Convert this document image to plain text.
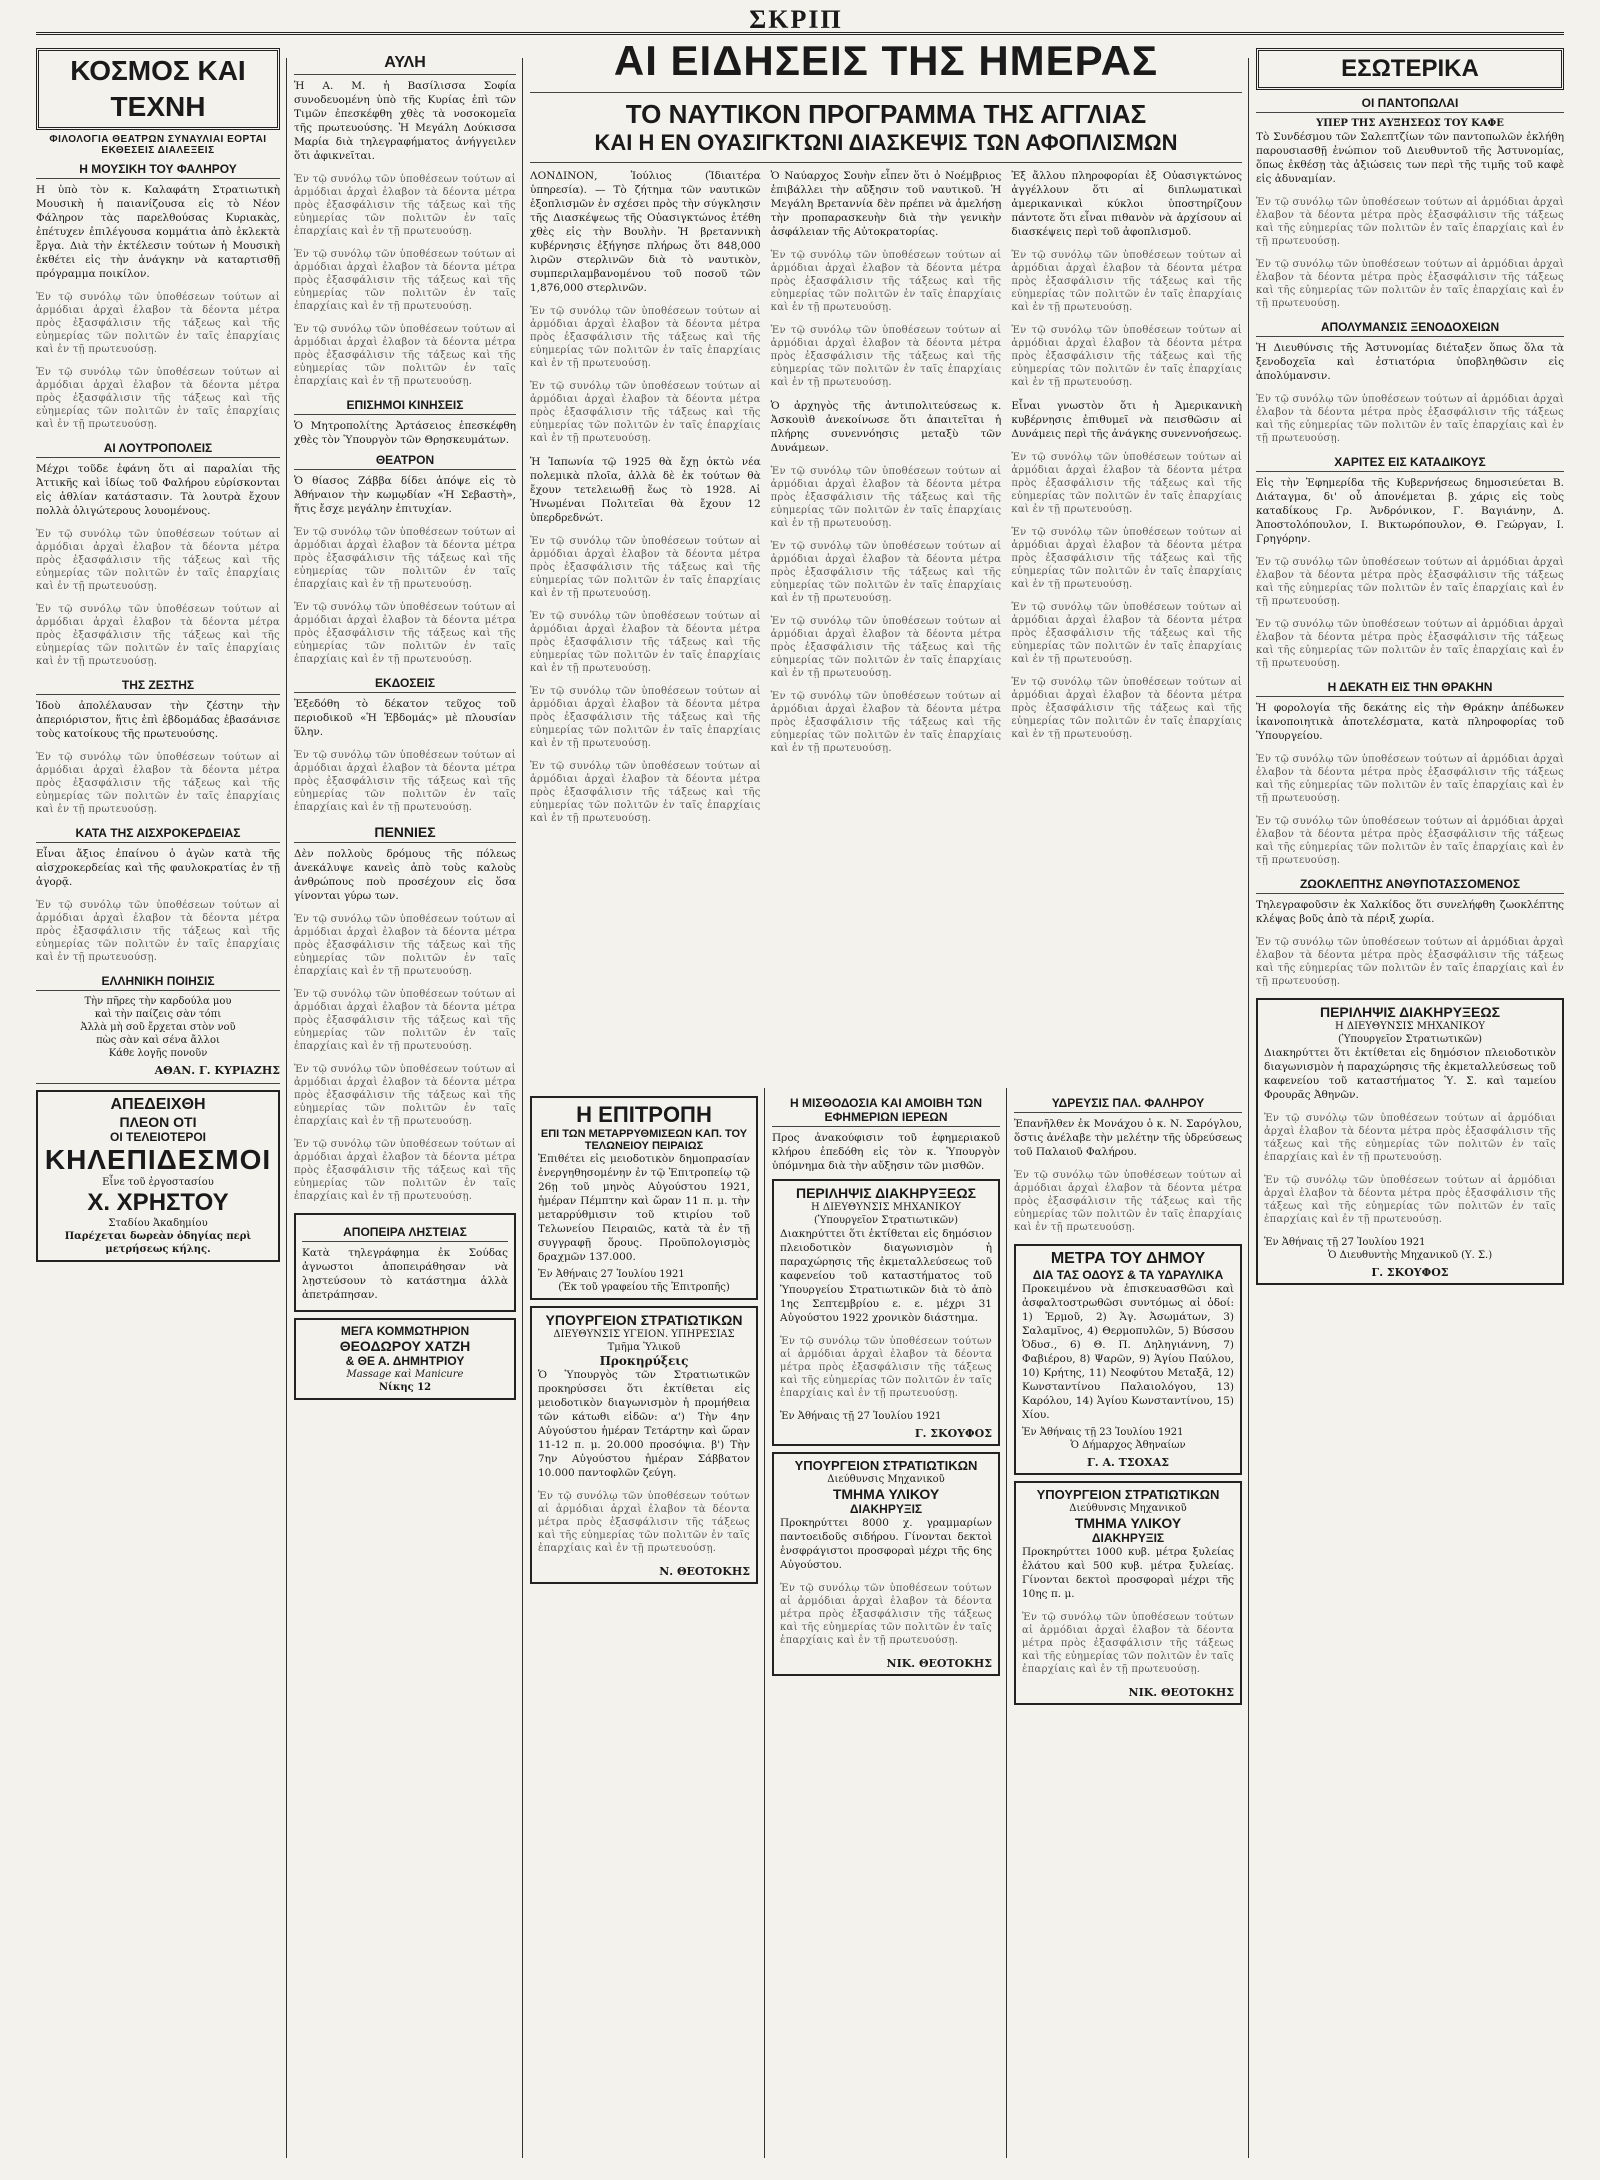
ΣΚΡΙΠ
ΚΟΣΜΟΣ ΚΑΙ ΤΕΧΝΗ
ΦΙΛΟΛΟΓΙΑ ΘΕΑΤΡΩΝ ΣΥΝΑΥΛΙΑΙ ΕΟΡΤΑΙ ΕΚΘΕΣΕΙΣ ΔΙΑΛΕΞΕΙΣ
Η ΜΟΥΣΙΚΗ ΤΟΥ ΦΑΛΗΡΟΥ

Η ὑπὸ τὸν κ. Καλαφάτη Στρατιωτικὴ Μουσικὴ ἡ παιανίζουσα εἰς τὸ Νέον Φάληρον τὰς παρελθούσας Κυριακὰς, ἐπέτυχεν ἐπιλέγουσα κομμάτια ἀπὸ ἐκλεκτὰ ἔργα. Διὰ τὴν ἐκτέλεσιν τούτων ἡ Μουσικὴ ἐκθέτει εἰς τὴν ἀνάγκην νὰ καταρτισθῇ πρόγραμμα ποικίλον.

Ἐν τῷ συνόλῳ τῶν ὑποθέσεων τούτων αἱ ἀρμόδιαι ἀρχαὶ ἐλαβον τὰ δέοντα μέτρα πρὸς ἐξασφάλισιν τῆς τάξεως καὶ τῆς εὐημερίας τῶν πολιτῶν ἐν ταῖς ἐπαρχίαις καὶ ἐν τῇ πρωτευούσῃ.

Ἐν τῷ συνόλῳ τῶν ὑποθέσεων τούτων αἱ ἀρμόδιαι ἀρχαὶ ἐλαβον τὰ δέοντα μέτρα πρὸς ἐξασφάλισιν τῆς τάξεως καὶ τῆς εὐημερίας τῶν πολιτῶν ἐν ταῖς ἐπαρχίαις καὶ ἐν τῇ πρωτευούσῃ.

ΑΙ ΛΟΥΤΡΟΠΟΛΕΙΣ

Μέχρι τοῦδε ἐφάνη ὅτι αἱ παραλίαι τῆς Ἀττικῆς καὶ ἰδίως τοῦ Φαλήρου εὐρίσκονται εἰς ἀθλίαν κατάστασιν. Τὰ λουτρὰ ἔχουν πολλὰ ὀλιγώτερους λουομένους.

Ἐν τῷ συνόλῳ τῶν ὑποθέσεων τούτων αἱ ἀρμόδιαι ἀρχαὶ ἐλαβον τὰ δέοντα μέτρα πρὸς ἐξασφάλισιν τῆς τάξεως καὶ τῆς εὐημερίας τῶν πολιτῶν ἐν ταῖς ἐπαρχίαις καὶ ἐν τῇ πρωτευούσῃ.

Ἐν τῷ συνόλῳ τῶν ὑποθέσεων τούτων αἱ ἀρμόδιαι ἀρχαὶ ἐλαβον τὰ δέοντα μέτρα πρὸς ἐξασφάλισιν τῆς τάξεως καὶ τῆς εὐημερίας τῶν πολιτῶν ἐν ταῖς ἐπαρχίαις καὶ ἐν τῇ πρωτευούσῃ.

ΤΗΣ ΖΕΣΤΗΣ

Ἰδοὺ ἀπολέλαυσαν τὴν ζέστην τὴν ἀπεριόριστον, ἥτις ἐπὶ ἑβδομάδας ἐβασάνισε τοὺς κατοίκους τῆς πρωτευούσης.

Ἐν τῷ συνόλῳ τῶν ὑποθέσεων τούτων αἱ ἀρμόδιαι ἀρχαὶ ἐλαβον τὰ δέοντα μέτρα πρὸς ἐξασφάλισιν τῆς τάξεως καὶ τῆς εὐημερίας τῶν πολιτῶν ἐν ταῖς ἐπαρχίαις καὶ ἐν τῇ πρωτευούσῃ.

ΚΑΤΑ ΤΗΣ ΑΙΣΧΡΟΚΕΡΔΕΙΑΣ

Εἶναι ἄξιος ἐπαίνου ὁ ἀγὼν κατὰ τῆς αἰσχροκερδείας καὶ τῆς φαυλοκρατίας ἐν τῇ ἀγορᾷ.

Ἐν τῷ συνόλῳ τῶν ὑποθέσεων τούτων αἱ ἀρμόδιαι ἀρχαὶ ἐλαβον τὰ δέοντα μέτρα πρὸς ἐξασφάλισιν τῆς τάξεως καὶ τῆς εὐημερίας τῶν πολιτῶν ἐν ταῖς ἐπαρχίαις καὶ ἐν τῇ πρωτευούσῃ.

ΕΛΛΗΝΙΚΗ ΠΟΙΗΣΙΣ
Τὴν πῆρες τὴν καρδούλα μου
καὶ τὴν παίζεις σὰν τόπι
Ἀλλὰ μὴ σοῦ ἔρχεται στὸν νοῦ
πὼς σὰν καὶ σένα ἄλλοι
Κάθε λογῆς πονοῦν
ΑΘΑΝ. Γ. ΚΥΡΙΑΖΗΣ
ΑΠΕΔΕΙΧΘΗ
ΠΛΕΟΝ ΟΤΙ
ΟΙ ΤΕΛΕΙΟΤΕΡΟΙ
ΚΗΛΕΠΙΔΕΣΜΟΙ
Εἶνε τοῦ ἐργοστασίου
Χ. ΧΡΗΣΤΟΥ
Σταδίου Ἀκαδημίου
Παρέχεται δωρεὰν ὁδηγίας περὶ μετρήσεως κήλης.
ΑΥΛΗ

Ἡ Α. Μ. ἡ Βασίλισσα Σοφία συνοδευομένη ὑπὸ τῆς Κυρίας ἐπὶ τῶν Τιμῶν ἐπεσκέφθη χθὲς τὰ νοσοκομεῖα τῆς πρωτευούσης. Ἡ Μεγάλη Δούκισσα Μαρία διὰ τηλεγραφήματος ἀνήγγειλεν ὅτι ἀφικνεῖται.

Ἐν τῷ συνόλῳ τῶν ὑποθέσεων τούτων αἱ ἀρμόδιαι ἀρχαὶ ἐλαβον τὰ δέοντα μέτρα πρὸς ἐξασφάλισιν τῆς τάξεως καὶ τῆς εὐημερίας τῶν πολιτῶν ἐν ταῖς ἐπαρχίαις καὶ ἐν τῇ πρωτευούσῃ.

Ἐν τῷ συνόλῳ τῶν ὑποθέσεων τούτων αἱ ἀρμόδιαι ἀρχαὶ ἐλαβον τὰ δέοντα μέτρα πρὸς ἐξασφάλισιν τῆς τάξεως καὶ τῆς εὐημερίας τῶν πολιτῶν ἐν ταῖς ἐπαρχίαις καὶ ἐν τῇ πρωτευούσῃ.

Ἐν τῷ συνόλῳ τῶν ὑποθέσεων τούτων αἱ ἀρμόδιαι ἀρχαὶ ἐλαβον τὰ δέοντα μέτρα πρὸς ἐξασφάλισιν τῆς τάξεως καὶ τῆς εὐημερίας τῶν πολιτῶν ἐν ταῖς ἐπαρχίαις καὶ ἐν τῇ πρωτευούσῃ.

ΕΠΙΣΗΜΟΙ ΚΙΝΗΣΕΙΣ

Ὁ Μητροπολίτης Ἀρτάσειος ἐπεσκέφθη χθὲς τὸν Ὑπουργὸν τῶν Θρησκευμάτων.

ΘΕΑΤΡΟΝ

Ὁ θίασος Ζάββα δίδει ἀπόψε εἰς τὸ Ἀθήναιον τὴν κωμῳδίαν «Ἡ Σεβαστὴ», ἥτις ἔσχε μεγάλην ἐπιτυχίαν.

Ἐν τῷ συνόλῳ τῶν ὑποθέσεων τούτων αἱ ἀρμόδιαι ἀρχαὶ ἐλαβον τὰ δέοντα μέτρα πρὸς ἐξασφάλισιν τῆς τάξεως καὶ τῆς εὐημερίας τῶν πολιτῶν ἐν ταῖς ἐπαρχίαις καὶ ἐν τῇ πρωτευούσῃ.

Ἐν τῷ συνόλῳ τῶν ὑποθέσεων τούτων αἱ ἀρμόδιαι ἀρχαὶ ἐλαβον τὰ δέοντα μέτρα πρὸς ἐξασφάλισιν τῆς τάξεως καὶ τῆς εὐημερίας τῶν πολιτῶν ἐν ταῖς ἐπαρχίαις καὶ ἐν τῇ πρωτευούσῃ.

ΕΚΔΟΣΕΙΣ

Ἐξεδόθη τὸ δέκατον τεῦχος τοῦ περιοδικοῦ «Ἡ Ἑβδομάς» μὲ πλουσίαν ὕλην.

Ἐν τῷ συνόλῳ τῶν ὑποθέσεων τούτων αἱ ἀρμόδιαι ἀρχαὶ ἐλαβον τὰ δέοντα μέτρα πρὸς ἐξασφάλισιν τῆς τάξεως καὶ τῆς εὐημερίας τῶν πολιτῶν ἐν ταῖς ἐπαρχίαις καὶ ἐν τῇ πρωτευούσῃ.

ΠΕΝΝΙΕΣ

Δὲν πολλοὺς δρόμους τῆς πόλεως ἀνεκάλυψε κανεὶς ἀπὸ τοὺς καλοὺς ἀνθρώπους ποὺ προσέχουν εἰς ὅσα γίνονται γύρω των.

Ἐν τῷ συνόλῳ τῶν ὑποθέσεων τούτων αἱ ἀρμόδιαι ἀρχαὶ ἐλαβον τὰ δέοντα μέτρα πρὸς ἐξασφάλισιν τῆς τάξεως καὶ τῆς εὐημερίας τῶν πολιτῶν ἐν ταῖς ἐπαρχίαις καὶ ἐν τῇ πρωτευούσῃ.

Ἐν τῷ συνόλῳ τῶν ὑποθέσεων τούτων αἱ ἀρμόδιαι ἀρχαὶ ἐλαβον τὰ δέοντα μέτρα πρὸς ἐξασφάλισιν τῆς τάξεως καὶ τῆς εὐημερίας τῶν πολιτῶν ἐν ταῖς ἐπαρχίαις καὶ ἐν τῇ πρωτευούσῃ.

Ἐν τῷ συνόλῳ τῶν ὑποθέσεων τούτων αἱ ἀρμόδιαι ἀρχαὶ ἐλαβον τὰ δέοντα μέτρα πρὸς ἐξασφάλισιν τῆς τάξεως καὶ τῆς εὐημερίας τῶν πολιτῶν ἐν ταῖς ἐπαρχίαις καὶ ἐν τῇ πρωτευούσῃ.

Ἐν τῷ συνόλῳ τῶν ὑποθέσεων τούτων αἱ ἀρμόδιαι ἀρχαὶ ἐλαβον τὰ δέοντα μέτρα πρὸς ἐξασφάλισιν τῆς τάξεως καὶ τῆς εὐημερίας τῶν πολιτῶν ἐν ταῖς ἐπαρχίαις καὶ ἐν τῇ πρωτευούσῃ.

ΑΠΟΠΕΙΡΑ ΛΗΣΤΕΙΑΣ

Κατὰ τηλεγράφημα ἐκ Σούδας ἀγνωστοι ἀποπειράθησαν νὰ λῃστεύσουν τὸ κατάστημα ἀλλὰ ἀπετράπησαν.

ΜΕΓΑ ΚΟΜΜΩΤΗΡΙΟΝ
ΘΕΟΔΩΡΟΥ ΧΑΤΖΗ
& ΘΕ Α. ΔΗΜΗΤΡΙΟΥ
Massage καὶ Manicure
Νίκης 12
ΑΙ ΕΙΔΗΣΕΙΣ ΤΗΣ ΗΜΕΡΑΣ
ΤΟ ΝΑΥΤΙΚΟΝ ΠΡΟΓΡΑΜΜΑ ΤΗΣ ΑΓΓΛΙΑΣ
ΚΑΙ Η ΕΝ ΟΥΑΣΙΓΚΤΩΝΙ ΔΙΑΣΚΕΨΙΣ ΤΩΝ ΑΦΟΠΛΙΣΜΩΝ

ΛΟΝΔΙΝΟΝ, Ἰούλιος (Ἰδιαιτέρα ὑπηρεσία). — Τὸ ζήτημα τῶν ναυτικῶν ἐξοπλισμῶν ἐν σχέσει πρὸς τὴν σύγκλησιν τῆς Διασκέψεως τῆς Οὐασιγκτώνος ἐτέθη χθὲς εἰς τὴν Βουλὴν. Ἡ βρεταννικὴ κυβέρνησις ἐξήγησε πλήρως ὅτι 848,000 λιρῶν στερλινῶν διὰ τὸ ναυτικὸν, συμπεριλαμβανομένου τοῦ ποσοῦ τῶν 1,876,000 στερλινῶν.

Ἐν τῷ συνόλῳ τῶν ὑποθέσεων τούτων αἱ ἀρμόδιαι ἀρχαὶ ἐλαβον τὰ δέοντα μέτρα πρὸς ἐξασφάλισιν τῆς τάξεως καὶ τῆς εὐημερίας τῶν πολιτῶν ἐν ταῖς ἐπαρχίαις καὶ ἐν τῇ πρωτευούσῃ.

Ἐν τῷ συνόλῳ τῶν ὑποθέσεων τούτων αἱ ἀρμόδιαι ἀρχαὶ ἐλαβον τὰ δέοντα μέτρα πρὸς ἐξασφάλισιν τῆς τάξεως καὶ τῆς εὐημερίας τῶν πολιτῶν ἐν ταῖς ἐπαρχίαις καὶ ἐν τῇ πρωτευούσῃ.

Ἡ Ἰαπωνία τῷ 1925 θὰ ἔχῃ ὀκτὼ νέα πολεμικὰ πλοῖα, ἀλλὰ δὲ ἐκ τούτων θὰ ἔχουν τετελειωθῇ ἕως τὸ 1928. Αἱ Ἡνωμέναι Πολιτεῖαι θὰ ἔχουν 12 ὑπερδρεδνώτ.

Ἐν τῷ συνόλῳ τῶν ὑποθέσεων τούτων αἱ ἀρμόδιαι ἀρχαὶ ἐλαβον τὰ δέοντα μέτρα πρὸς ἐξασφάλισιν τῆς τάξεως καὶ τῆς εὐημερίας τῶν πολιτῶν ἐν ταῖς ἐπαρχίαις καὶ ἐν τῇ πρωτευούσῃ.

Ἐν τῷ συνόλῳ τῶν ὑποθέσεων τούτων αἱ ἀρμόδιαι ἀρχαὶ ἐλαβον τὰ δέοντα μέτρα πρὸς ἐξασφάλισιν τῆς τάξεως καὶ τῆς εὐημερίας τῶν πολιτῶν ἐν ταῖς ἐπαρχίαις καὶ ἐν τῇ πρωτευούσῃ.

Ἐν τῷ συνόλῳ τῶν ὑποθέσεων τούτων αἱ ἀρμόδιαι ἀρχαὶ ἐλαβον τὰ δέοντα μέτρα πρὸς ἐξασφάλισιν τῆς τάξεως καὶ τῆς εὐημερίας τῶν πολιτῶν ἐν ταῖς ἐπαρχίαις καὶ ἐν τῇ πρωτευούσῃ.

Ἐν τῷ συνόλῳ τῶν ὑποθέσεων τούτων αἱ ἀρμόδιαι ἀρχαὶ ἐλαβον τὰ δέοντα μέτρα πρὸς ἐξασφάλισιν τῆς τάξεως καὶ τῆς εὐημερίας τῶν πολιτῶν ἐν ταῖς ἐπαρχίαις καὶ ἐν τῇ πρωτευούσῃ.

Ὁ Ναύαρχος Σουὴν εἶπεν ὅτι ὁ Νοέμβριος ἐπιβάλλει τὴν αὔξησιν τοῦ ναυτικοῦ. Ἡ Μεγάλη Βρεταννία δὲν πρέπει νὰ ἀμελήσῃ τὴν προπαρασκευὴν διὰ τὴν γενικὴν ἀσφάλειαν τῆς Αὐτοκρατορίας.

Ἐν τῷ συνόλῳ τῶν ὑποθέσεων τούτων αἱ ἀρμόδιαι ἀρχαὶ ἐλαβον τὰ δέοντα μέτρα πρὸς ἐξασφάλισιν τῆς τάξεως καὶ τῆς εὐημερίας τῶν πολιτῶν ἐν ταῖς ἐπαρχίαις καὶ ἐν τῇ πρωτευούσῃ.

Ἐν τῷ συνόλῳ τῶν ὑποθέσεων τούτων αἱ ἀρμόδιαι ἀρχαὶ ἐλαβον τὰ δέοντα μέτρα πρὸς ἐξασφάλισιν τῆς τάξεως καὶ τῆς εὐημερίας τῶν πολιτῶν ἐν ταῖς ἐπαρχίαις καὶ ἐν τῇ πρωτευούσῃ.

Ὁ ἀρχηγὸς τῆς ἀντιπολιτεύσεως κ. Ἀσκουὶθ ἀνεκοίνωσε ὅτι ἀπαιτεῖται ἡ πλήρης συνεννόησις μεταξὺ τῶν Δυνάμεων.

Ἐν τῷ συνόλῳ τῶν ὑποθέσεων τούτων αἱ ἀρμόδιαι ἀρχαὶ ἐλαβον τὰ δέοντα μέτρα πρὸς ἐξασφάλισιν τῆς τάξεως καὶ τῆς εὐημερίας τῶν πολιτῶν ἐν ταῖς ἐπαρχίαις καὶ ἐν τῇ πρωτευούσῃ.

Ἐν τῷ συνόλῳ τῶν ὑποθέσεων τούτων αἱ ἀρμόδιαι ἀρχαὶ ἐλαβον τὰ δέοντα μέτρα πρὸς ἐξασφάλισιν τῆς τάξεως καὶ τῆς εὐημερίας τῶν πολιτῶν ἐν ταῖς ἐπαρχίαις καὶ ἐν τῇ πρωτευούσῃ.

Ἐν τῷ συνόλῳ τῶν ὑποθέσεων τούτων αἱ ἀρμόδιαι ἀρχαὶ ἐλαβον τὰ δέοντα μέτρα πρὸς ἐξασφάλισιν τῆς τάξεως καὶ τῆς εὐημερίας τῶν πολιτῶν ἐν ταῖς ἐπαρχίαις καὶ ἐν τῇ πρωτευούσῃ.

Ἐν τῷ συνόλῳ τῶν ὑποθέσεων τούτων αἱ ἀρμόδιαι ἀρχαὶ ἐλαβον τὰ δέοντα μέτρα πρὸς ἐξασφάλισιν τῆς τάξεως καὶ τῆς εὐημερίας τῶν πολιτῶν ἐν ταῖς ἐπαρχίαις καὶ ἐν τῇ πρωτευούσῃ.

Ἐξ ἄλλου πληροφορίαι ἐξ Οὐασιγκτώνος ἀγγέλλουν ὅτι αἱ διπλωματικαὶ ἀμερικανικαὶ κύκλοι ὑποστηρίζουν πάντοτε ὅτι εἶναι πιθανὸν νὰ ἀρχίσουν αἱ διασκέψεις περὶ τοῦ ἀφοπλισμοῦ.

Ἐν τῷ συνόλῳ τῶν ὑποθέσεων τούτων αἱ ἀρμόδιαι ἀρχαὶ ἐλαβον τὰ δέοντα μέτρα πρὸς ἐξασφάλισιν τῆς τάξεως καὶ τῆς εὐημερίας τῶν πολιτῶν ἐν ταῖς ἐπαρχίαις καὶ ἐν τῇ πρωτευούσῃ.

Ἐν τῷ συνόλῳ τῶν ὑποθέσεων τούτων αἱ ἀρμόδιαι ἀρχαὶ ἐλαβον τὰ δέοντα μέτρα πρὸς ἐξασφάλισιν τῆς τάξεως καὶ τῆς εὐημερίας τῶν πολιτῶν ἐν ταῖς ἐπαρχίαις καὶ ἐν τῇ πρωτευούσῃ.

Εἶναι γνωστὸν ὅτι ἡ Ἀμερικανικὴ κυβέρνησις ἐπιθυμεῖ νὰ πεισθῶσιν αἱ Δυνάμεις περὶ τῆς ἀνάγκης συνεννοήσεως.

Ἐν τῷ συνόλῳ τῶν ὑποθέσεων τούτων αἱ ἀρμόδιαι ἀρχαὶ ἐλαβον τὰ δέοντα μέτρα πρὸς ἐξασφάλισιν τῆς τάξεως καὶ τῆς εὐημερίας τῶν πολιτῶν ἐν ταῖς ἐπαρχίαις καὶ ἐν τῇ πρωτευούσῃ.

Ἐν τῷ συνόλῳ τῶν ὑποθέσεων τούτων αἱ ἀρμόδιαι ἀρχαὶ ἐλαβον τὰ δέοντα μέτρα πρὸς ἐξασφάλισιν τῆς τάξεως καὶ τῆς εὐημερίας τῶν πολιτῶν ἐν ταῖς ἐπαρχίαις καὶ ἐν τῇ πρωτευούσῃ.

Ἐν τῷ συνόλῳ τῶν ὑποθέσεων τούτων αἱ ἀρμόδιαι ἀρχαὶ ἐλαβον τὰ δέοντα μέτρα πρὸς ἐξασφάλισιν τῆς τάξεως καὶ τῆς εὐημερίας τῶν πολιτῶν ἐν ταῖς ἐπαρχίαις καὶ ἐν τῇ πρωτευούσῃ.

Ἐν τῷ συνόλῳ τῶν ὑποθέσεων τούτων αἱ ἀρμόδιαι ἀρχαὶ ἐλαβον τὰ δέοντα μέτρα πρὸς ἐξασφάλισιν τῆς τάξεως καὶ τῆς εὐημερίας τῶν πολιτῶν ἐν ταῖς ἐπαρχίαις καὶ ἐν τῇ πρωτευούσῃ.

Η ΕΠΙΤΡΟΠΗ
ΕΠΙ ΤΩΝ ΜΕΤΑΡΡΥΘΜΙΣΕΩΝ ΚΑΠ. ΤΟΥ ΤΕΛΩΝΕΙΟΥ ΠΕΙΡΑΙΩΣ

Ἐπιθέτει εἰς μειοδοτικὸν δημοπρασίαν ἐνεργηθησομένην ἐν τῷ Ἐπιτροπείῳ τῷ 26ῃ τοῦ μηνὸς Αὐγούστου 1921, ἡμέραν Πέμπτην καὶ ὥραν 11 π. μ. τὴν μεταρρύθμισιν τοῦ κτιρίου τοῦ Τελωνείου Πειραιῶς, κατὰ τὰ ἐν τῇ συγγραφῇ ὅρους. Προϋπολογισμὸς δραχμῶν 137.000.

Ἐν Ἀθήναις 27 Ἰουλίου 1921
(Ἐκ τοῦ γραφείου τῆς Ἐπιτροπῆς)
ΥΠΟΥΡΓΕΙΟΝ ΣΤΡΑΤΙΩΤΙΚΩΝ
ΔΙΕΥΘΥΝΣΙΣ ΥΓΕΙΟΝ. ΥΠΗΡΕΣΙΑΣ
Τμῆμα Ὑλικοῦ
Προκηρύξεις

Ὁ Ὑπουργὸς τῶν Στρατιωτικῶν προκηρύσσει ὅτι ἐκτίθεται εἰς μειοδοτικὸν διαγωνισμὸν ἡ προμήθεια τῶν κάτωθι εἰδῶν: α') Τὴν 4ην Αὐγούστου ἡμέραν Τετάρτην καὶ ὥραν 11-12 π. μ. 20.000 προσόψια. β') Τὴν 7ην Αὐγούστου ἡμέραν Σάββατον 10.000 παντοφλῶν ζεύγη.

Ἐν τῷ συνόλῳ τῶν ὑποθέσεων τούτων αἱ ἀρμόδιαι ἀρχαὶ ἐλαβον τὰ δέοντα μέτρα πρὸς ἐξασφάλισιν τῆς τάξεως καὶ τῆς εὐημερίας τῶν πολιτῶν ἐν ταῖς ἐπαρχίαις καὶ ἐν τῇ πρωτευούσῃ.

Ν. ΘΕΟΤΟΚΗΣ
Η ΜΙΣΘΟΔΟΣΙΑ ΚΑΙ ΑΜΟΙΒΗ ΤΩΝ ΕΦΗΜΕΡΙΩΝ ΙΕΡΕΩΝ

Προς ἀνακούφισιν τοῦ ἐφημεριακοῦ κλήρου ἐπεδόθη εἰς τὸν κ. Ὑπουργὸν ὑπόμνημα διὰ τὴν αὔξησιν τῶν μισθῶν.

ΠΕΡΙΛΗΨΙΣ ΔΙΑΚΗΡΥΞΕΩΣ
Η ΔΙΕΥΘΥΝΣΙΣ ΜΗΧΑΝΙΚΟΥ
(Ὑπουργεῖον Στρατιωτικῶν)

Διακηρύττει ὅτι ἐκτίθεται εἰς δημόσιον πλειοδοτικὸν διαγωνισμὸν ἡ παραχώρησις τῆς ἐκμεταλλεύσεως τοῦ καφενείου τοῦ καταστήματος τοῦ Ὑπουργείου Στρατιωτικῶν διὰ τὸ ἀπὸ 1ης Σεπτεμβρίου ε. ε. μέχρι 31 Αὐγούστου 1922 χρονικὸν διάστημα.

Ἐν τῷ συνόλῳ τῶν ὑποθέσεων τούτων αἱ ἀρμόδιαι ἀρχαὶ ἐλαβον τὰ δέοντα μέτρα πρὸς ἐξασφάλισιν τῆς τάξεως καὶ τῆς εὐημερίας τῶν πολιτῶν ἐν ταῖς ἐπαρχίαις καὶ ἐν τῇ πρωτευούσῃ.

Ἐν Ἀθήναις τῇ 27 Ἰουλίου 1921
Γ. ΣΚΟΥΦΟΣ
ΥΠΟΥΡΓΕΙΟΝ ΣΤΡΑΤΙΩΤΙΚΩΝ
Διεύθυνσις Μηχανικοῦ
ΤΜΗΜΑ ΥΛΙΚΟΥ
ΔΙΑΚΗΡΥΞΙΣ

Προκηρύττει 8000 χ. γραμμαρίων παντοειδοῦς σιδήρου. Γίνονται δεκτοὶ ἐνσφράγιστοι προσφοραὶ μέχρι τῆς 6ης Αὐγούστου.

Ἐν τῷ συνόλῳ τῶν ὑποθέσεων τούτων αἱ ἀρμόδιαι ἀρχαὶ ἐλαβον τὰ δέοντα μέτρα πρὸς ἐξασφάλισιν τῆς τάξεως καὶ τῆς εὐημερίας τῶν πολιτῶν ἐν ταῖς ἐπαρχίαις καὶ ἐν τῇ πρωτευούσῃ.

ΝΙΚ. ΘΕΟΤΟΚΗΣ
ΥΔΡΕΥΣΙΣ ΠΑΛ. ΦΑΛΗΡΟΥ

Ἐπανῆλθεν ἐκ Μονάχου ὁ κ. Ν. Σαρόγλου, ὅστις ἀνέλαβε τὴν μελέτην τῆς ὑδρεύσεως τοῦ Παλαιοῦ Φαλήρου.

Ἐν τῷ συνόλῳ τῶν ὑποθέσεων τούτων αἱ ἀρμόδιαι ἀρχαὶ ἐλαβον τὰ δέοντα μέτρα πρὸς ἐξασφάλισιν τῆς τάξεως καὶ τῆς εὐημερίας τῶν πολιτῶν ἐν ταῖς ἐπαρχίαις καὶ ἐν τῇ πρωτευούσῃ.

ΜΕΤΡΑ ΤΟΥ ΔΗΜΟΥ
ΔΙΑ ΤΑΣ ΟΔΟΥΣ & ΤΑ ΥΔΡΑΥΛΙΚΑ

Προκειμένου νὰ ἐπισκευασθῶσι καὶ ἀσφαλτοστρωθῶσι συντόμως αἱ ὁδοί: 1) Ἑρμοῦ, 2) Ἁγ. Ἀσωμάτων, 3) Σαλαμῖνος, 4) Θερμοπυλῶν, 5) Βύσσου Ὀδυσ., 6) Θ. Π. Δηληγιάννη, 7) Φαβιέρου, 8) Ψαρῶν, 9) Ἁγίου Παύλου, 10) Κρήτης, 11) Νεοφύτου Μεταξᾶ, 12) Κωνσταντίνου Παλαιολόγου, 13) Καρόλου, 14) Ἁγίου Κωνσταντίνου, 15) Χίου.

Ἐν Ἀθήναις τῇ 23 Ἰουλίου 1921
Ὁ Δήμαρχος Ἀθηναίων
Γ. Α. ΤΣΟΧΑΣ
ΥΠΟΥΡΓΕΙΟΝ ΣΤΡΑΤΙΩΤΙΚΩΝ
Διεύθυνσις Μηχανικοῦ
ΤΜΗΜΑ ΥΛΙΚΟΥ
ΔΙΑΚΗΡΥΞΙΣ

Προκηρύττει 1000 κυβ. μέτρα ξυλείας ἐλάτου καὶ 500 κυβ. μέτρα ξυλείας. Γίνονται δεκτοὶ προσφοραὶ μέχρι τῆς 10ης π. μ.

Ἐν τῷ συνόλῳ τῶν ὑποθέσεων τούτων αἱ ἀρμόδιαι ἀρχαὶ ἐλαβον τὰ δέοντα μέτρα πρὸς ἐξασφάλισιν τῆς τάξεως καὶ τῆς εὐημερίας τῶν πολιτῶν ἐν ταῖς ἐπαρχίαις καὶ ἐν τῇ πρωτευούσῃ.

ΝΙΚ. ΘΕΟΤΟΚΗΣ
ΕΣΩΤΕΡΙΚΑ
ΟΙ ΠΑΝΤΟΠΩΛΑΙ
ΥΠΕΡ ΤΗΣ ΑΥΞΗΣΕΩΣ ΤΟΥ ΚΑΦΕ

Τὸ Συνδέσμου τῶν Σαλεπτζίων τῶν παντοπωλῶν ἐκλήθη παρουσιασθῇ ἐνώπιον τοῦ Διευθυντοῦ τῆς Ἀστυνομίας, ὅπως ἐκθέσῃ τὰς ἀξιώσεις των περὶ τῆς τιμῆς τοῦ καφὲ εἰς ἀδυναμίαν.

Ἐν τῷ συνόλῳ τῶν ὑποθέσεων τούτων αἱ ἀρμόδιαι ἀρχαὶ ἐλαβον τὰ δέοντα μέτρα πρὸς ἐξασφάλισιν τῆς τάξεως καὶ τῆς εὐημερίας τῶν πολιτῶν ἐν ταῖς ἐπαρχίαις καὶ ἐν τῇ πρωτευούσῃ.

Ἐν τῷ συνόλῳ τῶν ὑποθέσεων τούτων αἱ ἀρμόδιαι ἀρχαὶ ἐλαβον τὰ δέοντα μέτρα πρὸς ἐξασφάλισιν τῆς τάξεως καὶ τῆς εὐημερίας τῶν πολιτῶν ἐν ταῖς ἐπαρχίαις καὶ ἐν τῇ πρωτευούσῃ.

ΑΠΟΛΥΜΑΝΣΙΣ ΞΕΝΟΔΟΧΕΙΩΝ

Ἡ Διευθύνσις τῆς Ἀστυνομίας διέταξεν ὅπως ὅλα τὰ ξενοδοχεῖα καὶ ἐστιατόρια ὑποβληθῶσιν εἰς ἀπολύμανσιν.

Ἐν τῷ συνόλῳ τῶν ὑποθέσεων τούτων αἱ ἀρμόδιαι ἀρχαὶ ἐλαβον τὰ δέοντα μέτρα πρὸς ἐξασφάλισιν τῆς τάξεως καὶ τῆς εὐημερίας τῶν πολιτῶν ἐν ταῖς ἐπαρχίαις καὶ ἐν τῇ πρωτευούσῃ.

ΧΑΡΙΤΕΣ ΕΙΣ ΚΑΤΑΔΙΚΟΥΣ

Εἰς τὴν Ἐφημερίδα τῆς Κυβερνήσεως δημοσιεύεται Β. Διάταγμα, δι' οὗ ἀπονέμεται β. χάρις εἰς τοὺς καταδίκους Γρ. Ἀνδρόνικον, Γ. Βαγιάνην, Δ. Ἀποστολόπουλον, Ι. Βικτωρόπουλον, Θ. Γεώργαν, Ι. Γρηγόρην.

Ἐν τῷ συνόλῳ τῶν ὑποθέσεων τούτων αἱ ἀρμόδιαι ἀρχαὶ ἐλαβον τὰ δέοντα μέτρα πρὸς ἐξασφάλισιν τῆς τάξεως καὶ τῆς εὐημερίας τῶν πολιτῶν ἐν ταῖς ἐπαρχίαις καὶ ἐν τῇ πρωτευούσῃ.

Ἐν τῷ συνόλῳ τῶν ὑποθέσεων τούτων αἱ ἀρμόδιαι ἀρχαὶ ἐλαβον τὰ δέοντα μέτρα πρὸς ἐξασφάλισιν τῆς τάξεως καὶ τῆς εὐημερίας τῶν πολιτῶν ἐν ταῖς ἐπαρχίαις καὶ ἐν τῇ πρωτευούσῃ.

Η ΔΕΚΑΤΗ ΕΙΣ ΤΗΝ ΘΡΑΚΗΝ

Ἡ φορολογία τῆς δεκάτης εἰς τὴν Θράκην ἀπέδωκεν ἱκανοποιητικὰ ἀποτελέσματα, κατὰ πληροφορίας τοῦ Ὑπουργείου.

Ἐν τῷ συνόλῳ τῶν ὑποθέσεων τούτων αἱ ἀρμόδιαι ἀρχαὶ ἐλαβον τὰ δέοντα μέτρα πρὸς ἐξασφάλισιν τῆς τάξεως καὶ τῆς εὐημερίας τῶν πολιτῶν ἐν ταῖς ἐπαρχίαις καὶ ἐν τῇ πρωτευούσῃ.

Ἐν τῷ συνόλῳ τῶν ὑποθέσεων τούτων αἱ ἀρμόδιαι ἀρχαὶ ἐλαβον τὰ δέοντα μέτρα πρὸς ἐξασφάλισιν τῆς τάξεως καὶ τῆς εὐημερίας τῶν πολιτῶν ἐν ταῖς ἐπαρχίαις καὶ ἐν τῇ πρωτευούσῃ.

ΖΩΟΚΛΕΠΤΗΣ ΑΝΘΥΠΟΤΑΣΣΟΜΕΝΟΣ

Τηλεγραφοῦσιν ἐκ Χαλκίδος ὅτι συνελήφθη ζωοκλέπτης κλέψας βοῦς ἀπὸ τὰ πέριξ χωρία.

Ἐν τῷ συνόλῳ τῶν ὑποθέσεων τούτων αἱ ἀρμόδιαι ἀρχαὶ ἐλαβον τὰ δέοντα μέτρα πρὸς ἐξασφάλισιν τῆς τάξεως καὶ τῆς εὐημερίας τῶν πολιτῶν ἐν ταῖς ἐπαρχίαις καὶ ἐν τῇ πρωτευούσῃ.

ΠΕΡΙΛΗΨΙΣ ΔΙΑΚΗΡΥΞΕΩΣ
Η ΔΙΕΥΘΥΝΣΙΣ ΜΗΧΑΝΙΚΟΥ
(Ὑπουργεῖον Στρατιωτικῶν)

Διακηρύττει ὅτι ἐκτίθεται εἰς δημόσιον πλειοδοτικὸν διαγωνισμὸν ἡ παραχώρησις τῆς ἐκμεταλλεύσεως τοῦ καφενείου τοῦ καταστήματος Ὑ. Σ. καὶ ταμείου Φρουρᾶς Ἀθηνῶν.

Ἐν τῷ συνόλῳ τῶν ὑποθέσεων τούτων αἱ ἀρμόδιαι ἀρχαὶ ἐλαβον τὰ δέοντα μέτρα πρὸς ἐξασφάλισιν τῆς τάξεως καὶ τῆς εὐημερίας τῶν πολιτῶν ἐν ταῖς ἐπαρχίαις καὶ ἐν τῇ πρωτευούσῃ.

Ἐν τῷ συνόλῳ τῶν ὑποθέσεων τούτων αἱ ἀρμόδιαι ἀρχαὶ ἐλαβον τὰ δέοντα μέτρα πρὸς ἐξασφάλισιν τῆς τάξεως καὶ τῆς εὐημερίας τῶν πολιτῶν ἐν ταῖς ἐπαρχίαις καὶ ἐν τῇ πρωτευούσῃ.

Ἐν Ἀθήναις τῇ 27 Ἰουλίου 1921
Ὁ Διευθυντὴς Μηχανικοῦ (Υ. Σ.)
Γ. ΣΚΟΥΦΟΣ
